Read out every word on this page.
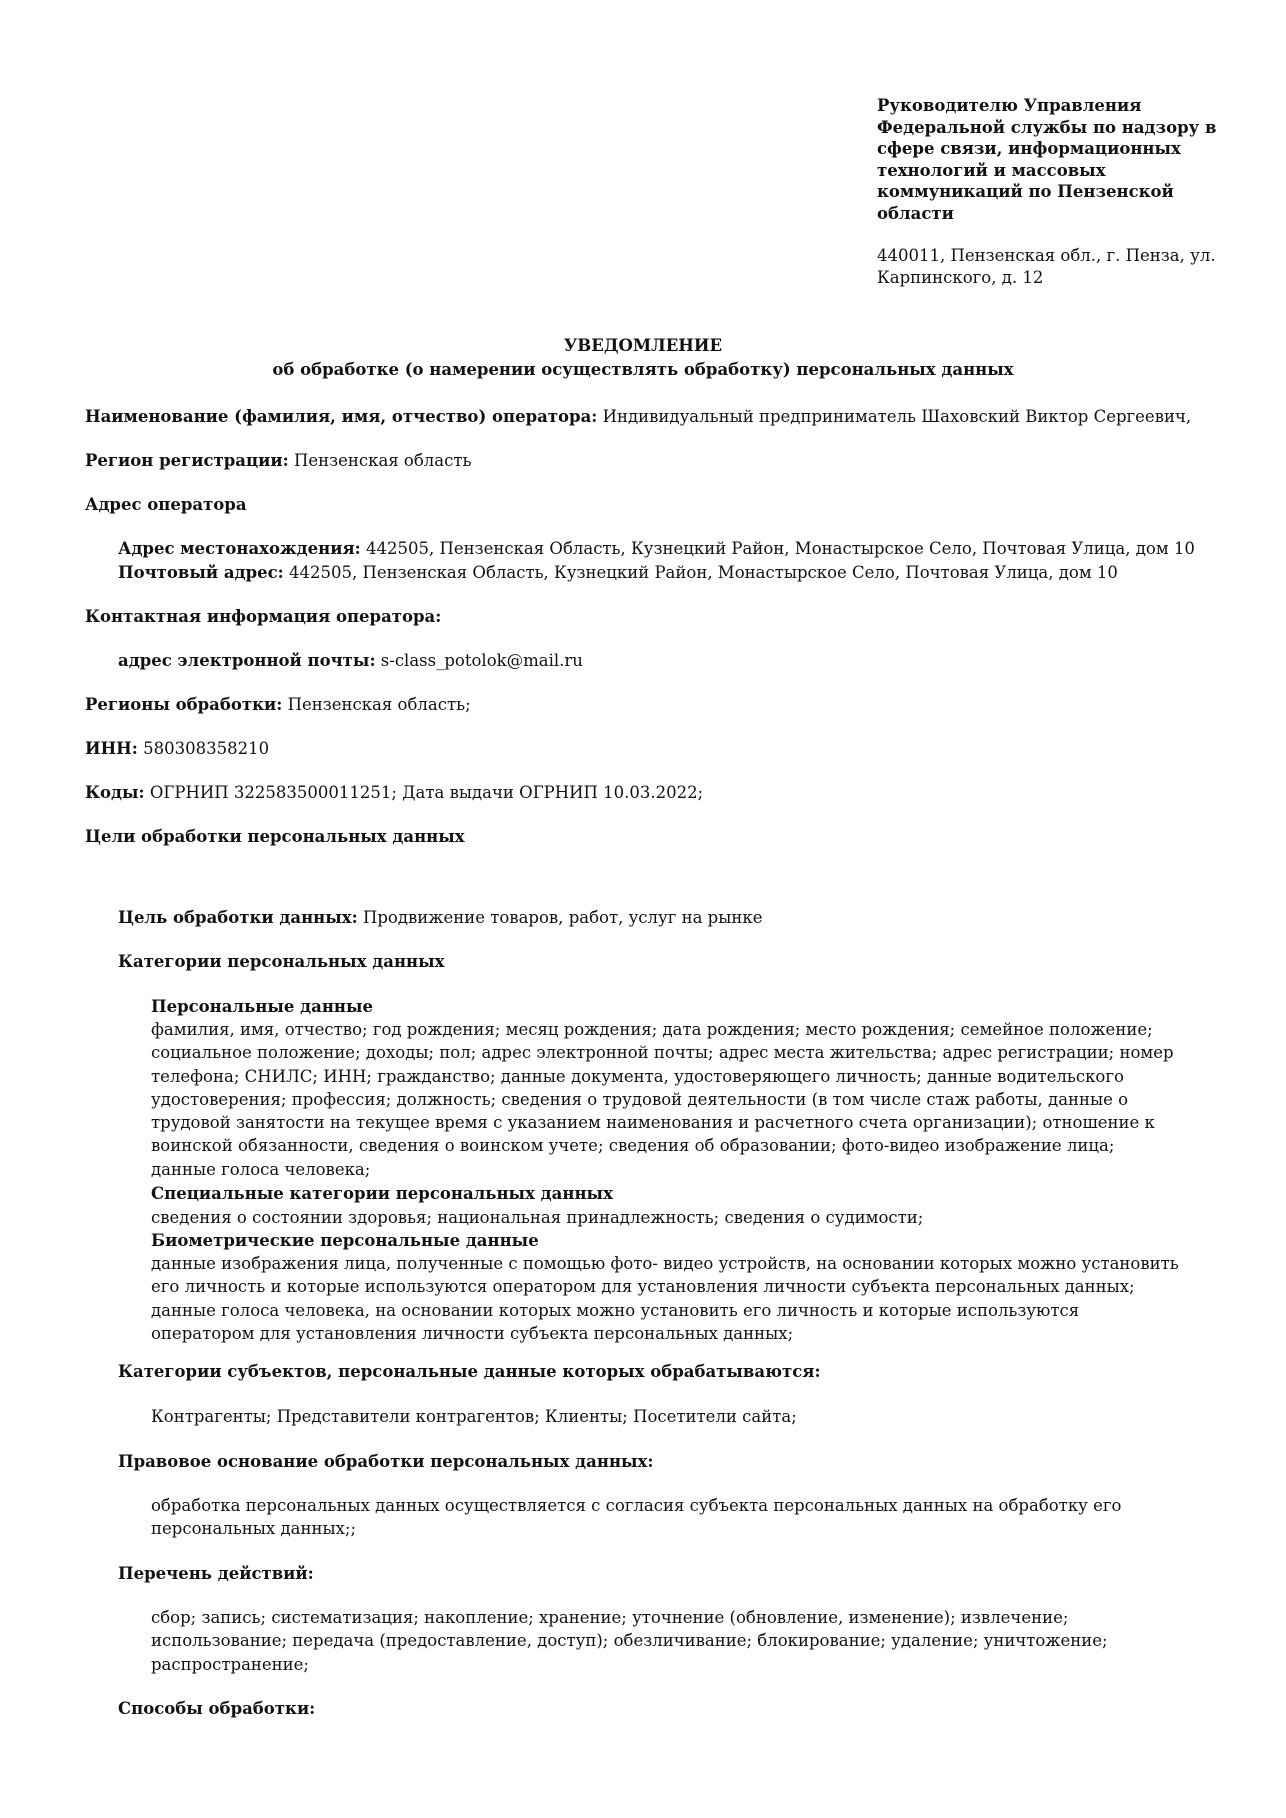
Руководителю Управления
Федеральной службы по надзору в
сфере связи, информационных
технологий и массовых
коммуникаций по Пензенской
области
440011, Пензенская обл., г. Пенза, ул.
Карпинского, д. 12
УВЕДОМЛЕНИЕ
об обработке (о намерении осуществлять обработку) персональных данных
Наименование (фамилия, имя, отчество) оператора: Индивидуальный предприниматель Шаховский Виктор Сергеевич,
Регион регистрации: Пензенская область
Адрес оператора
Адрес местонахождения: 442505, Пензенская Область, Кузнецкий Район, Монастырское Село, Почтовая Улица, дом 10
Почтовый адрес: 442505, Пензенская Область, Кузнецкий Район, Монастырское Село, Почтовая Улица, дом 10
Контактная информация оператора:
адрес электронной почты: s-class_potolok@mail.ru
Регионы обработки: Пензенская область;
ИНН: 580308358210
Коды: ОГРНИП 322583500011251; Дата выдачи ОГРНИП 10.03.2022;
Цели обработки персональных данных
Цель обработки данных: Продвижение товаров, работ, услуг на рынке
Категории персональных данных
Персональные данные
фамилия, имя, отчество; год рождения; месяц рождения; дата рождения; место рождения; семейное положение;
социальное положение; доходы; пол; адрес электронной почты; адрес места жительства; адрес регистрации; номер
телефона; СНИЛС; ИНН; гражданство; данные документа, удостоверяющего личность; данные водительского
удостоверения; профессия; должность; сведения о трудовой деятельности (в том числе стаж работы, данные о
трудовой занятости на текущее время с указанием наименования и расчетного счета организации); отношение к
воинской обязанности, сведения о воинском учете; сведения об образовании; фото-видео изображение лица;
данные голоса человека;
Специальные категории персональных данных
сведения о состоянии здоровья; национальная принадлежность; сведения о судимости;
Биометрические персональные данные
данные изображения лица, полученные с помощью фото- видео устройств, на основании которых можно установить
его личность и которые используются оператором для установления личности субъекта персональных данных;
данные голоса человека, на основании которых можно установить его личность и которые используются
оператором для установления личности субъекта персональных данных;
Категории субъектов, персональные данные которых обрабатываются:
Контрагенты; Представители контрагентов; Клиенты; Посетители сайта;
Правовое основание обработки персональных данных:
обработка персональных данных осуществляется с согласия субъекта персональных данных на обработку его
персональных данных;;
Перечень действий:
сбор; запись; систематизация; накопление; хранение; уточнение (обновление, изменение); извлечение;
использование; передача (предоставление, доступ); обезличивание; блокирование; удаление; уничтожение;
распространение;
Способы обработки:
